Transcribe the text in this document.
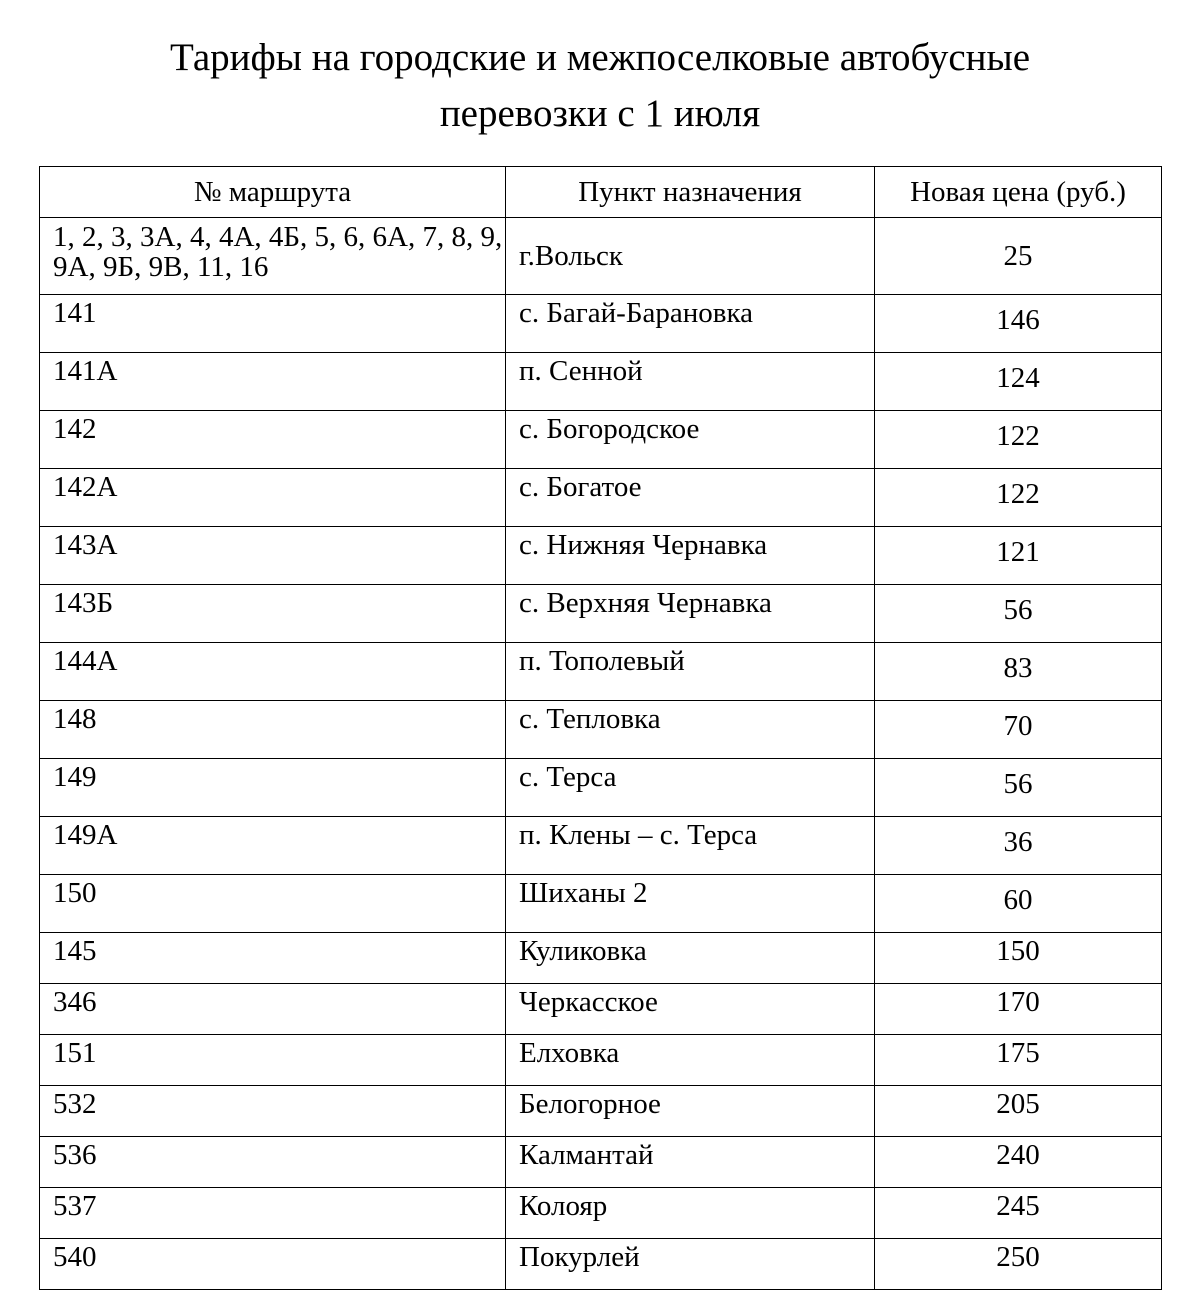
Тарифы на городские и межпоселковые автобусные
перевозки с 1 июля
№ маршрута	Пункт назначения	Новая цена (руб.)
1, 2, 3, 3А, 4, 4А, 4Б, 5, 6, 6А, 7, 8, 9, 9А, 9Б, 9В, 11, 16	г.Вольск	25
141	с. Багай-Барановка	146
141А	п. Сенной	124
142	с. Богородское	122
142А	с. Богатое	122
143А	с. Нижняя Чернавка	121
143Б	с. Верхняя Чернавка	56
144А	п. Тополевый	83
148	с. Тепловка	70
149	с. Терса	56
149А	п. Клены – с. Терса	36
150	Шиханы 2	60
145	Куликовка	150
346	Черкасское	170
151	Елховка	175
532	Белогорное	205
536	Калмантай	240
537	Колояр	245
540	Покурлей	250
